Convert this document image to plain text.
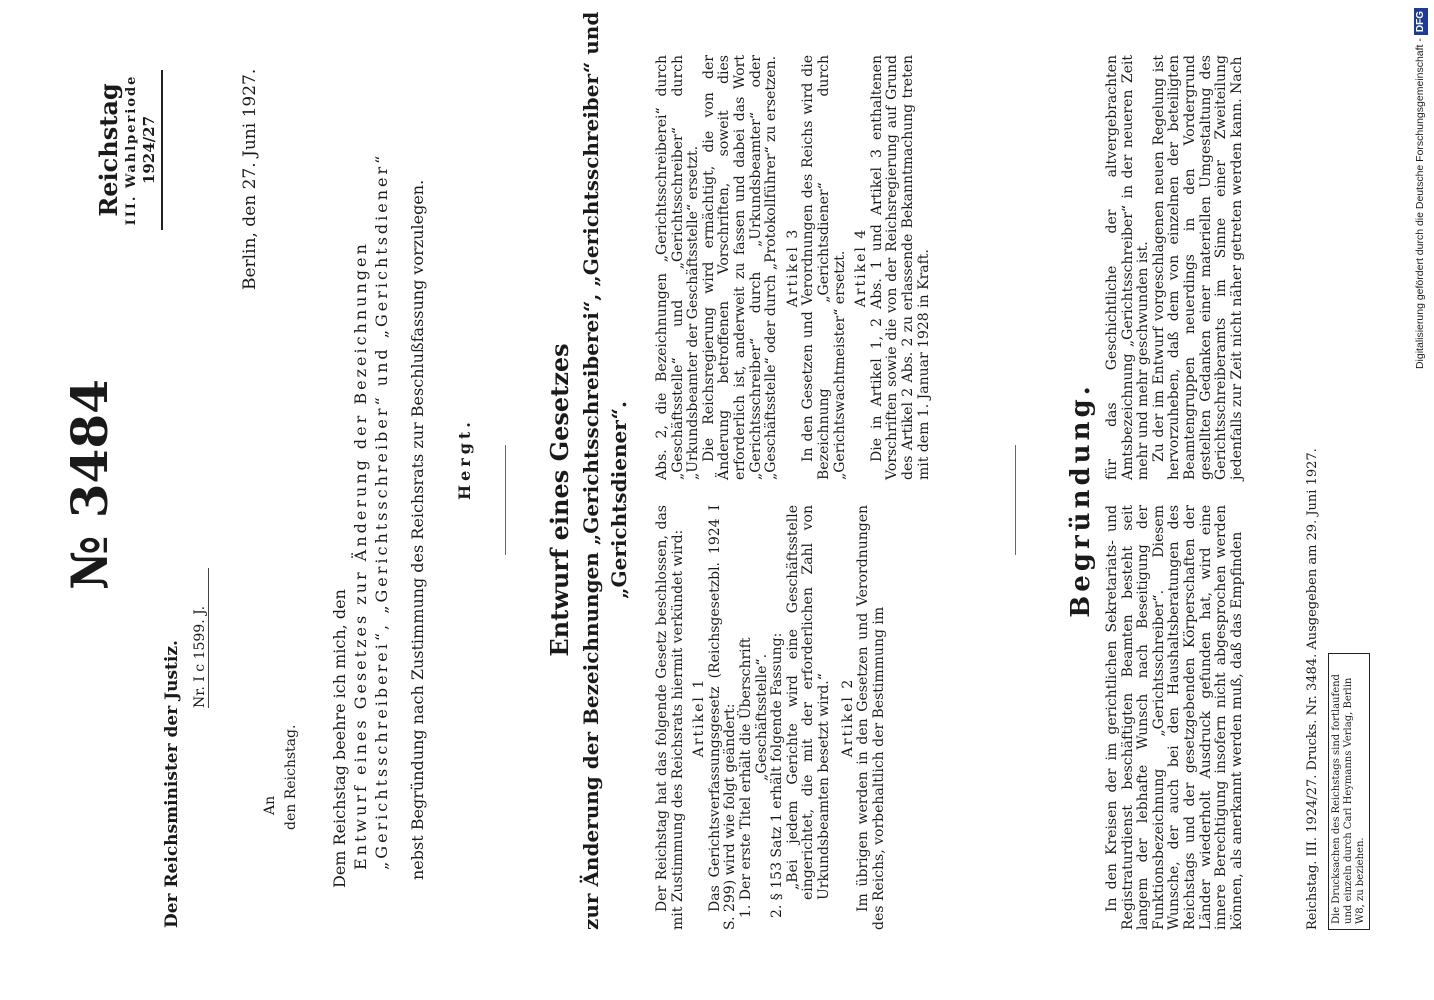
Digitalisierung gefördert durch die Deutsche Forschungsgemeinschaft -DFG
№ 3484
Reichstag III. Wahlperiode 1924/27
Der Reichsminister der Justiz. Nr. I c 1599. J.
Berlin, den 27. Juni 1927.
An den Reichstag. Dem Reichstag beehre ich mich, den Entwurf eines Gesetzes zur Änderung der Bezeichnungen „Gerichtsschreiberei“, „Gerichtsschreiber“ und „Gerichtsdiener“ nebst Begründung nach Zustimmung des Reichsrats zur Beschlußfassung vorzulegen. Hergt.	Entwurf eines Gesetzes zur Änderung der Bezeichnungen „Gerichtsschreiberei“, „Gerichtsschreiber“ und „Gerichtsdiener“.

Der Reichstag hat das folgende Gesetz beschlossen, das mit Zustimmung des Reichsrats hiermit verkündet wird: Artikel 1 Das Gerichtsverfassungsgesetz (Reichsgesetzbl. 1924 I S. 299) wird wie folgt geändert: 1. Der erste Titel erhält die Überschrift „Geschäftsstelle“. 2. § 153 Satz 1 erhält folgende Fassung: „Bei jedem Gerichte wird eine Geschäftsstelle eingerichtet, die mit der erforderlichen Zahl von Urkundsbeamten besetzt wird.“ Artikel 2 Im übrigen werden in den Gesetzen und Verordnungen des Reichs, vorbehaltlich der Bestimmung im

Abs. 2, die Bezeichnungen „Gerichtsschreiberei“ durch „Geschäftsstelle“ und „Gerichtsschreiber“ durch „Urkundsbeamter der Geschäftsstelle“ ersetzt. Die Reichsregierung wird ermächtigt, die von der Änderung betroffenen Vorschriften, soweit dies erforderlich ist, anderweit zu fassen und dabei das Wort „Gerichtsschreiber“ durch „Urkundsbeamter“ oder „Geschäftsstelle“ oder durch „Protokollführer“ zu ersetzen. Artikel 3 In den Gesetzen und Verordnungen des Reichs wird die Bezeichnung „Gerichtsdiener“ durch „Gerichtswachtmeister“ ersetzt. Artikel 4 Die in Artikel 1, 2 Abs. 1 und Artikel 3 enthaltenen Vorschriften sowie die von der Reichsregierung auf Grund des Artikel 2 Abs. 2 zu erlassende Bekanntmachung treten mit dem 1. Januar 1928 in Kraft.

Begründung.

In den Kreisen der im gerichtlichen Sekretariats- und Registraturdienst beschäftigten Beamten besteht seit langem der lebhafte Wunsch nach Beseitigung der Funktionsbezeichnung „Gerichtsschreiber“. Diesem Wunsche, der auch bei den Haushaltsberatungen des Reichstags und der gesetzgebenden Körperschaften der Länder wiederholt Ausdruck gefunden hat, wird eine innere Berechtigung insofern nicht abgesprochen werden können, als anerkannt werden muß, daß das Empfinden

für das Geschichtliche der altvergebrachten Amtsbezeichnung „Gerichtsschreiber“ in der neueren Zeit mehr und mehr geschwunden ist. Zu der im Entwurf vorgeschlagenen neuen Regelung ist hervorzuheben, daß dem von einzelnen der beteiligten Beamtengruppen neuerdings in den Vordergrund gestellten Gedanken einer materiellen Umgestaltung des Gerichtsschreiberamts im Sinne einer Zweiteilung jedenfalls zur Zeit nicht näher getreten werden kann. Nach

Reichstag. III. 1924/27. Drucks. Nr. 3484. Ausgegeben am 29. Juni 1927.	Die Drucksachen des Reichstags sind fortlaufend und einzeln durch Carl Heymanns Verlag, Berlin W8, zu beziehen.
